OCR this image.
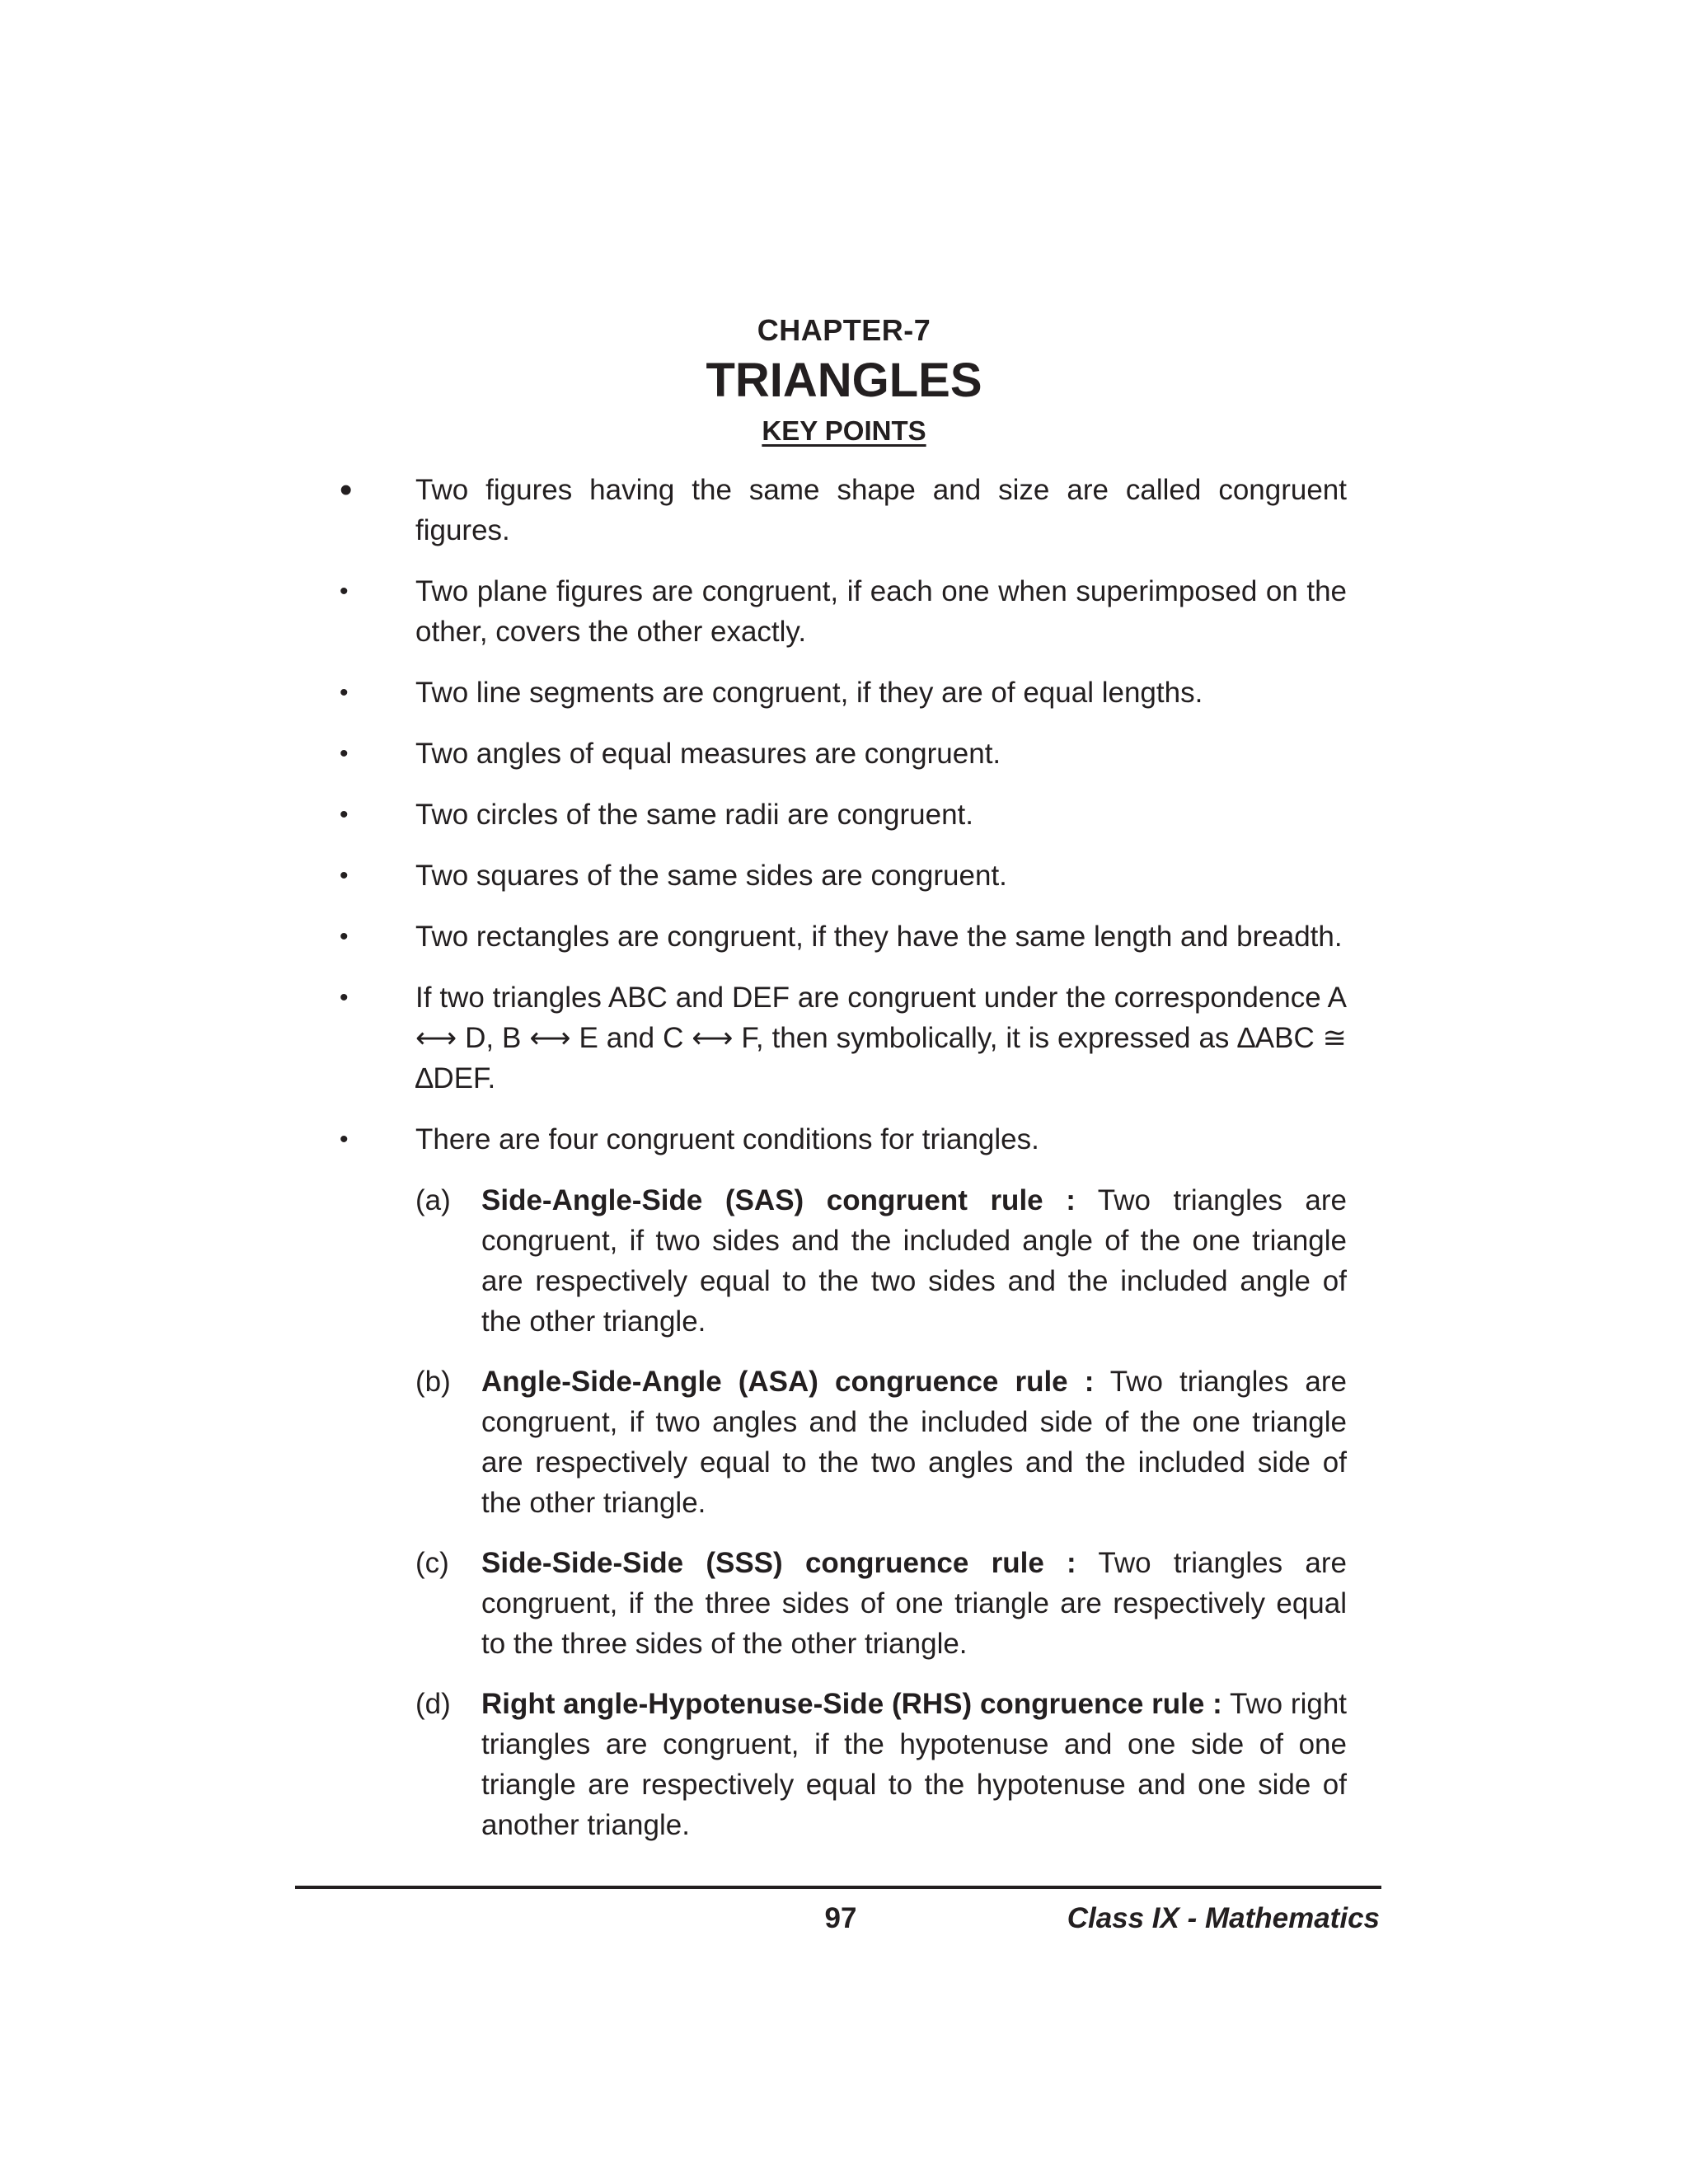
CHAPTER-7
TRIANGLES
KEY POINTS
•	Two figures having the same shape and size are called congruent figures.
•	Two plane figures are congruent, if each one when superimposed on the other, covers the other exactly.
•	Two line segments are congruent, if they are of equal lengths.
•	Two angles of equal measures are congruent.
•	Two circles of the same radii are congruent.
•	Two squares of the same sides are congruent.
•	Two rectangles are congruent, if they have the same length and breadth.
•	If two triangles ABC and DEF are congruent under the correspondence A ⟷ D, B ⟷ E and C ⟷ F, then symbolically, it is expressed as ∆ABC ≅ ∆DEF.
•	There are four congruent conditions for triangles.
(a) Side-Angle-Side (SAS) congruent rule : Two triangles are congruent, if two sides and the included angle of the one triangle are respectively equal to the two sides and the included angle of the other triangle.
(b) Angle-Side-Angle (ASA) congruence rule : Two triangles are congruent, if two angles and the included side of the one triangle are respectively equal to the two angles and the included side of the other triangle.
(c) Side-Side-Side (SSS) congruence rule : Two triangles are congruent, if the three sides of one triangle are respectively equal to the three sides of the other triangle.
(d) Right angle-Hypotenuse-Side (RHS) congruence rule : Two right triangles are congruent, if the hypotenuse and one side of one triangle are respectively equal to the hypotenuse and one side of another triangle.
97	Class IX - Mathematics
